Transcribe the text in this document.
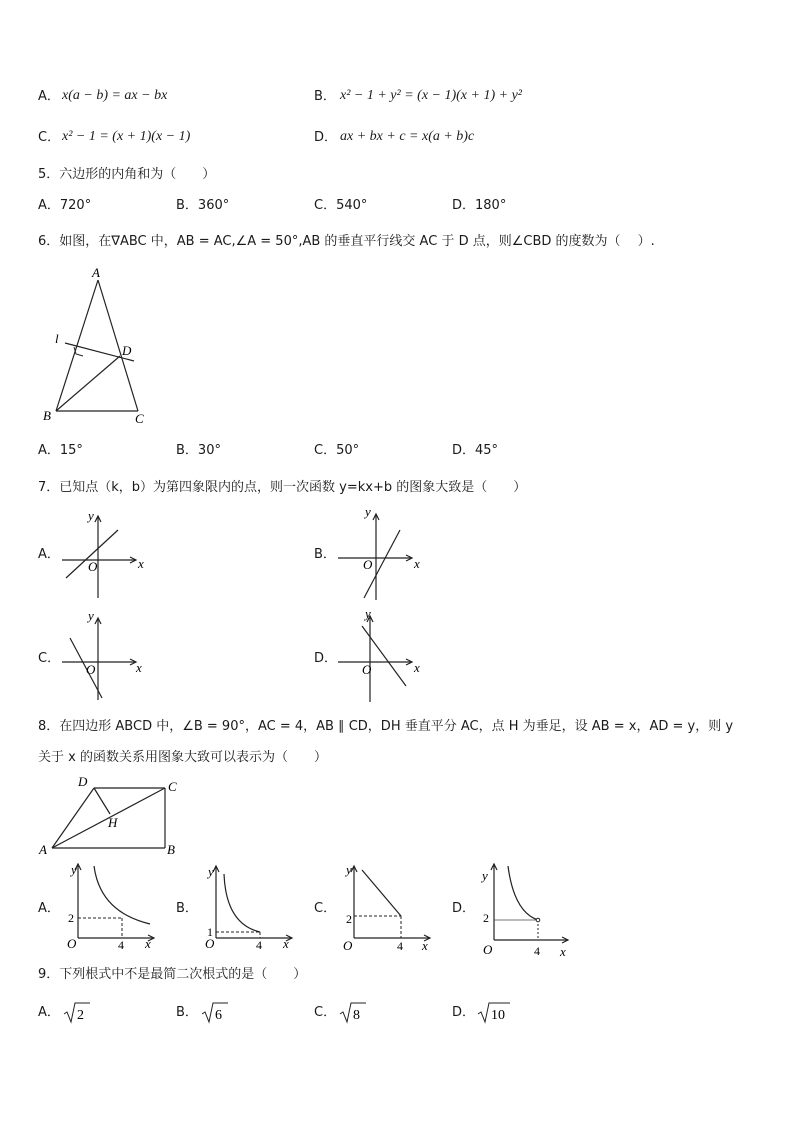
A． x(a − b) = ax − bx	B． x² − 1 + y² = (x − 1)(x + 1) + y²
C． x² − 1 = (x + 1)(x − 1)	D． ax + bx + c = x(a + b)c
5．六边形的内角和为（　　）
A．720°	B．360°	C．540°	D．180°
6．如图，在∇ABC 中，AB = AC,∠A = 50°,AB 的垂直平行线交 AC 于 D 点，则∠CBD 的度数为（　 ）.
A
B	C
D
l
A．15°	B．30°	C．50°	D．45°
7．已知点（k，b）为第四象限内的点，则一次函数 y=kx+b 的图象大致是（　　）
A．
y
x
O
B．
y
x
O
C．
y
x
O
D．
y
x
O
8．在四边形 ABCD 中，∠B = 90°，AC = 4，AB ∥ CD，DH 垂直平分 AC，点 H 为垂足，设 AB = x，AD = y，则 y
关于 x 的函数关系用图象大致可以表示为（　　）
D	C
A	B
H
A．
y
O	x
2
4
B．
y
O	x
1
4
C．
y
O	x
2
4
D．
y
O	x
2
4
9．下列根式中不是最简二次根式的是（　　）
A． 2	B． 6	C． 8	D． 10
